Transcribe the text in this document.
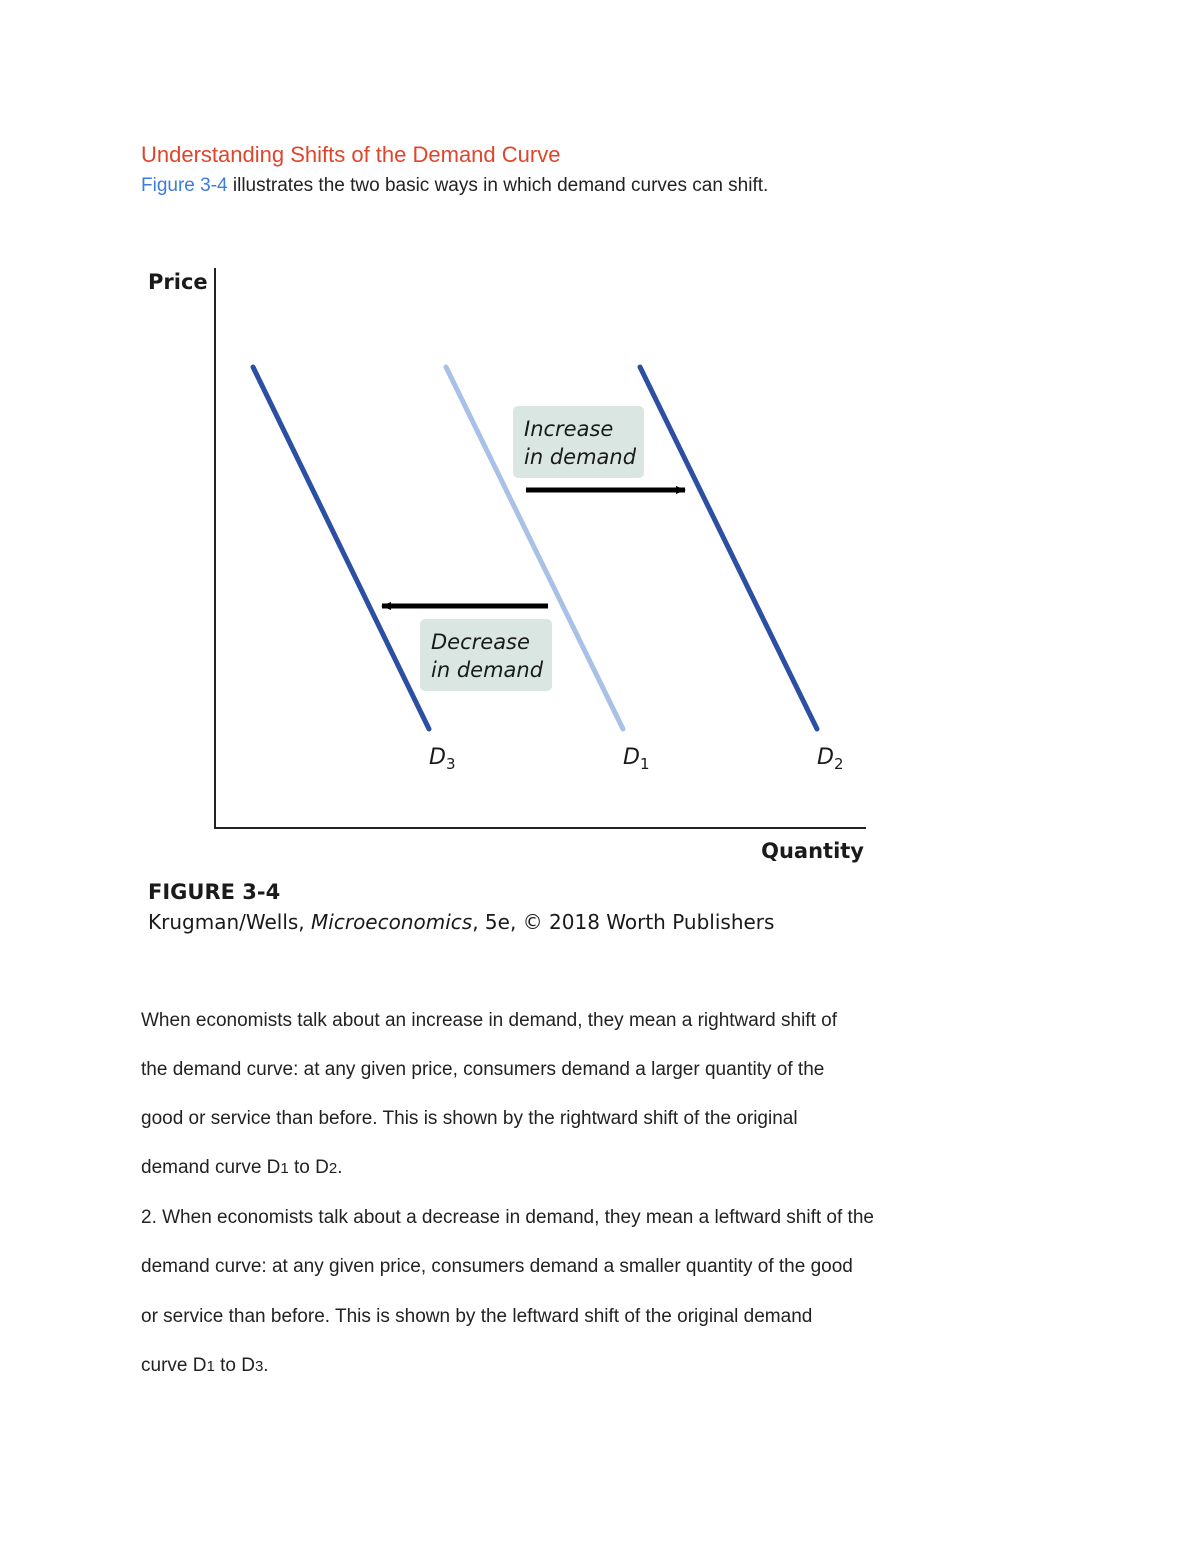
Understanding Shifts of the Demand Curve
Figure 3-4 illustrates the two basic ways in which demand curves can shift.
Price
Quantity
Increase
in demand
Decrease
in demand
$D_3$	$D_1$	$D_2$
FIGURE 3-4
Krugman/Wells, Microeconomics, 5e, © 2018 Worth Publishers
When economists talk about an increase in demand, they mean a rightward shift of
the demand curve: at any given price, consumers demand a larger quantity of the
good or service than before. This is shown by the rightward shift of the original
demand curve D1 to D2.
2. When economists talk about a decrease in demand, they mean a leftward shift of the
demand curve: at any given price, consumers demand a smaller quantity of the good
or service than before. This is shown by the leftward shift of the original demand
curve D1 to D3.
